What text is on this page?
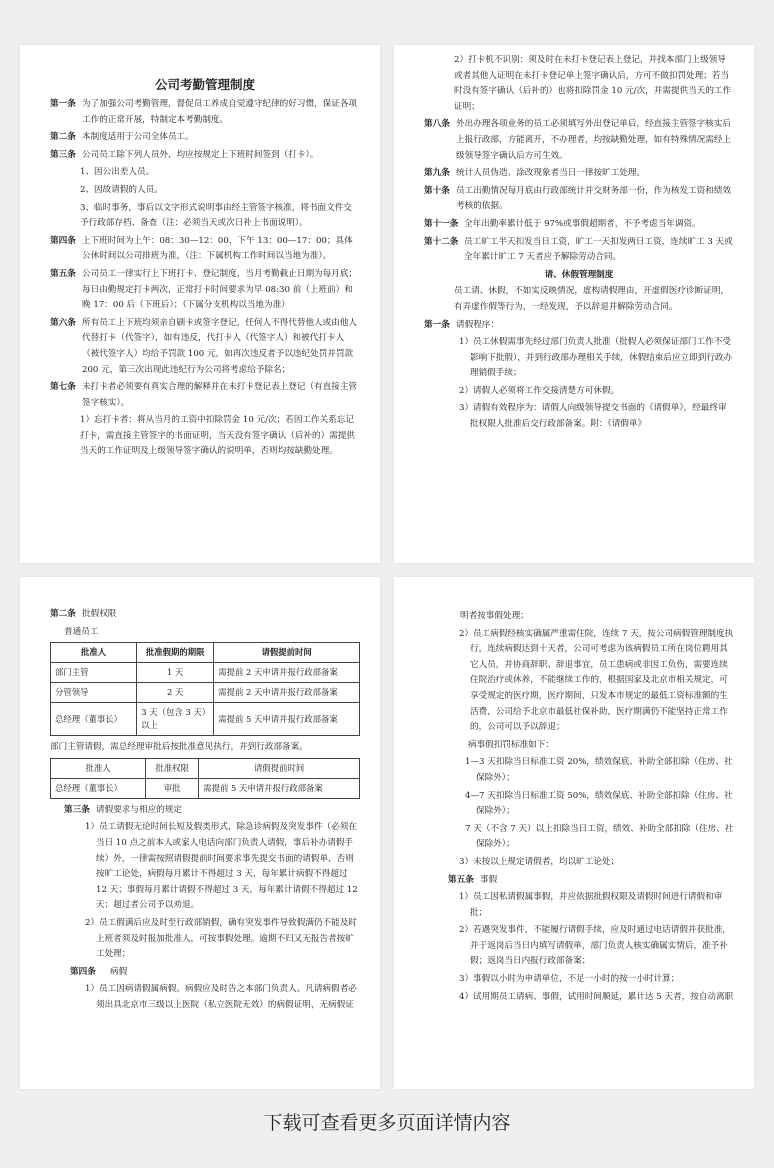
公司考勤管理制度
第一条 为了加强公司考勤管理，督促员工养成自觉遵守纪律的好习惯，保证各项工作的正常开展，特制定本考勤制度。
第二条 本制度适用于公司全体员工。
第三条 公司员工除下列人员外，均应按规定上下班时间签到（打卡）。
1、因公出差人员。
2、因故请假的人员。
3、临时事务，事后以文字形式说明事由经主管签字核准，将书面文件交予行政部存档、备查（注：必须当天或次日补上书面说明）。
第四条 上下班时间为上午：08：30—12：00，下午 13：00—17：00；具体公休时间以公司排班为准，（注：下属机构工作时间以当地为准）。
第五条 公司员工一律实行上下班打卡、登记制度，当月考勤截止日期为每月底；每日由勤规定打卡两次，正常打卡时间要求为早 08:30 前（上班前）和晚 17：00 后（下班后）；（下属分支机构以当地为准）
第六条 所有员工上下班均须亲自刷卡或签字登记，任何人不得代替他人或由他人代替打卡（代签字），如有违反，代打卡人（代签字人）和被代打卡人（被代签字人）均给予罚款 100 元，如再次违反者予以违纪处罚并罚款 200 元，第三次出现此违纪行为公司将考虑给予除名；
第七条 未打卡者必须要有真实合理的解释并在未打卡登记表上登记（有直接主管签字核实）。
1）忘打卡者：将从当月的工资中扣除罚金 10 元/次；若因工作关系忘记打卡，需直接主管签字的书面证明，当天没有签字确认（后补的）需提供当天的工作证明及上级领导签字确认的说明单，否则均按缺勤处理。
2）打卡机不识别：须及时在未打卡登记表上登记，并找本部门上级领导或者其他人证明在未打卡登记单上签字确认后，方可不做扣罚处理；若当时没有签字确认（后补的）也将扣除罚金 10 元/次，并需提供当天的工作证明；
第八条 外出办理各项业务的员工必须填写外出登记单后，经直接主管签字核实后上报行政部，方能离开，不办理者，均按缺勤处理，如有特殊情况需经上级领导签字确认后方可生效。
第九条 统计人员伪造、涂改现象者当日一律按旷工处理。
第十条 员工出勤情况每月底由行政部统计并交财务部一份，作为核发工资和绩效考核的依据。
第十一条 全年出勤率累计低于 97%或事假超期者，不予考虑当年调资。
第十二条 员工旷工半天扣发当日工资，旷工一天扣发两日工资，连续旷工 3 天或全年累计旷工 7 天者应予解除劳动合同。
请、休假管理制度
员工请、休假，不如实反映情况，虚构请假理由，开虚假医疗诊断证明，有弄虚作假等行为，一经发现，予以辞退并解除劳动合同。
第一条 请假程序：
1）员工休假需事先经过部门负责人批准（批假人必须保证部门工作不受影响下批假），并到行政部办理相关手续，休假结束后应立即到行政办理销假手续；
2）请假人必须将工作交接清楚方可休假。
3）请假有效程序为：请假人向级领导提交书面的《请假单》，经最终审批权限人批准后交行政部备案。附：《请假单》
第二条 批假权限
普通员工
批准人	批准假期的期限	请假提前时间
部门主管	1 天	需提前 2 天申请并报行政部备案
分管领导	2 天	需提前 2 天申请并报行政部备案
总经理（董事长）	3 天（包含 3 天）以上	需提前 5 天申请并报行政部备案
部门主管请假，需总经理审批后按批准意见执行，并到行政部备案。
批准人	批准权限	请假提前时间
总经理（董事长）	审批	需提前 5 天申请并报行政部备案
第三条 请假要求与相应的规定
1）员工请假无论时间长短及假类形式，除急诊病假及突发事件（必须在当日 10 点之前本人或家人电话向部门负责人请假，事后补办请假手续）外，一律需按照请假提前时间要求事先提交书面的请假单，否则按旷工论处，病假每月累计不得超过 3 天，每年累计病假不得超过 12 天；事假每月累计请假不得超过 3 天，每年累计请假不得超过 12 天；超过者公司予以劝退。
2）员工假满后应及时至行政部销假，确有突发事件导致假满仍不能及时上班者须及时报加批准人，可按事假处理。逾期不归又无报告者按旷工处理；
第四条 病假
1）员工因病请假属病假。病假应及时告之本部门负责人。凡请病假者必须出具北京市三级以上医院（私立医院无效）的病假证明，无病假证
明者按事假处理；
2）员工病假经核实确属严重需住院，连续 7 天，按公司病假管理制度执行，连续病假达到十天者，公司可考虑为该病假员工所在岗位聘用其它人员，并协商辞职、辞退事宜，员工患病或非因工负伤，需要连续住院治疗或休养，不能继续工作的，根据国家及北京市相关规定，可享受规定的医疗期，医疗期间，只发本市规定的最低工资标准额的生活费，公司给予北京市最低社保补助，医疗期满仍不能坚持正常工作的，公司可以予以辞退；
病事假扣罚标准如下：
1—3 天扣除当日标准工资 20%，绩效保底、补助全部扣除（住房、社保除外）；
4—7 天扣除当日标准工资 50%，绩效保底、补助全部扣除（住房、社保除外）；
7 天（不含 7 天）以上扣除当日工资，绩效、补助全部扣除（住房、社保除外）；
3）未按以上规定请假者，均以旷工论处；
第五条 事假
1）员工因私请假属事假，并应依据批假权限及请假时间进行请假和审批；
2）若遇突发事件，不能履行请假手续，应及时通过电话请假并获批准，并于返岗后当日内填写请假单，部门负责人核实确属实情后，准予补假；返岗当日内报行政部备案；
3）事假以小时为申请单位，不足一小时的按一小时计算；
4）试用期员工请病、事假，试用时间顺延，累计达 5 天者，按自动离职
下载可查看更多页面详情内容
